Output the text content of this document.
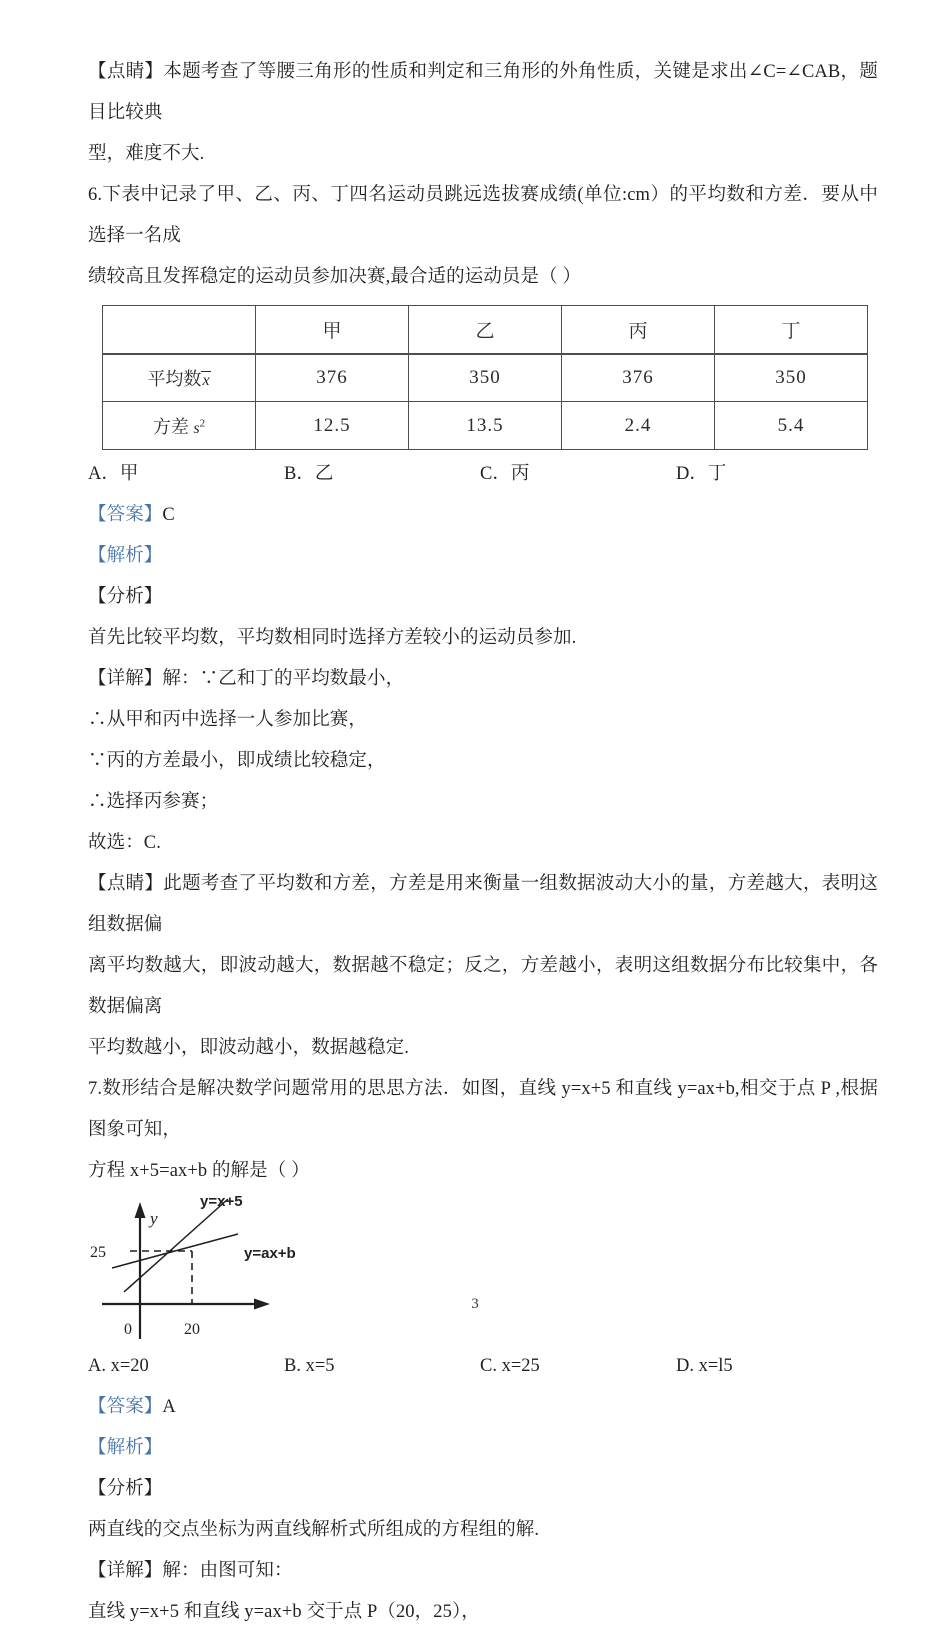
【点睛】本题考查了等腰三角形的性质和判定和三角形的外角性质，关键是求出∠C=∠CAB，题目比较典
型，难度不大.
6.下表中记录了甲、乙、丙、丁四名运动员跳远选拔赛成绩(单位:cm）的平均数和方差．要从中选择一名成
绩较高且发挥稳定的运动员参加决赛,最合适的运动员是（ ）
	甲	乙	丙	丁
平均数x	376	350	376	350
方差 $s^2$	12.5	13.5	2.4	5.4
A．甲	B．乙	C．丙	D．丁
【答案】C
【解析】
【分析】
首先比较平均数，平均数相同时选择方差较小的运动员参加.
【详解】解：∵乙和丁的平均数最小，
∴从甲和丙中选择一人参加比赛，
∵丙的方差最小，即成绩比较稳定，
∴选择丙参赛；
故选：C.
【点睛】此题考查了平均数和方差，方差是用来衡量一组数据波动大小的量，方差越大，表明这组数据偏
离平均数越大，即波动越大，数据越不稳定；反之，方差越小，表明这组数据分布比较集中，各数据偏离
平均数越小，即波动越小，数据越稳定.
7.数形结合是解决数学问题常用的思思方法．如图，直线 y=x+5 和直线 y=ax+b,相交于点 P ,根据图象可知，
方程 x+5=ax+b 的解是（ ）
25
y
0	20
y=x+5
y=ax+b
A. x=20	B. x=5	C. x=25	D. x=l5
【答案】A
【解析】
【分析】
两直线的交点坐标为两直线解析式所组成的方程组的解.
【详解】解：由图可知：
直线 y=x+5 和直线 y=ax+b 交于点 P（20，25），
3
